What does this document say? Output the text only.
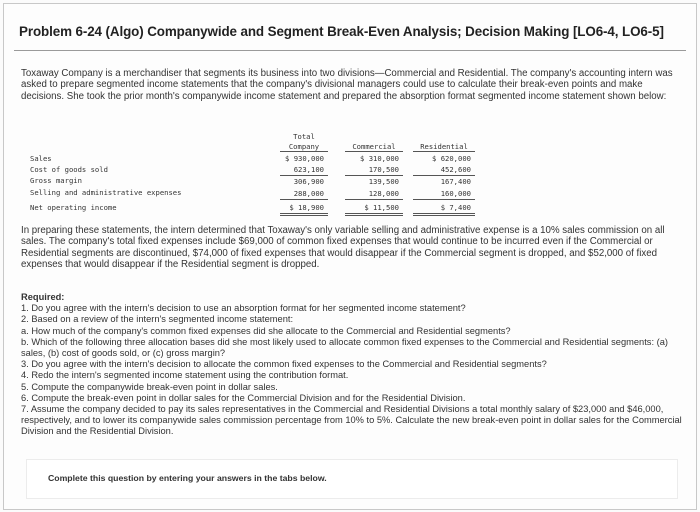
Problem 6-24 (Algo) Companywide and Segment Break-Even Analysis; Decision Making [LO6-4, LO6-5]
Toxaway Company is a merchandiser that segments its business into two divisions—Commercial and Residential. The company's accounting intern was asked to prepare segmented income statements that the company's divisional managers could use to calculate their break-even points and make decisions. She took the prior month's companywide income statement and prepared the absorption format segmented income statement shown below:
Total
Company	Commercial	Residential
Sales	$ 930,000	$ 310,000	$ 620,000
Cost of goods sold	623,100	170,500	452,600
Gross margin	306,900	139,500	167,400
Selling and administrative expenses	288,000	128,000	160,000
Net operating income	$ 18,900	$ 11,500	$ 7,400
In preparing these statements, the intern determined that Toxaway's only variable selling and administrative expense is a 10% sales commission on all sales. The company's total fixed expenses include $69,000 of common fixed expenses that would continue to be incurred even if the Commercial or Residential segments are discontinued, $74,000 of fixed expenses that would disappear if the Commercial segment is dropped, and $52,000 of fixed expenses that would disappear if the Residential segment is dropped.
Required:
1. Do you agree with the intern's decision to use an absorption format for her segmented income statement?
2. Based on a review of the intern's segmented income statement:
a. How much of the company's common fixed expenses did she allocate to the Commercial and Residential segments?
b. Which of the following three allocation bases did she most likely used to allocate common fixed expenses to the Commercial and Residential segments: (a) sales, (b) cost of goods sold, or (c) gross margin?
3. Do you agree with the intern's decision to allocate the common fixed expenses to the Commercial and Residential segments?
4. Redo the intern's segmented income statement using the contribution format.
5. Compute the companywide break-even point in dollar sales.
6. Compute the break-even point in dollar sales for the Commercial Division and for the Residential Division.
7. Assume the company decided to pay its sales representatives in the Commercial and Residential Divisions a total monthly salary of $23,000 and $46,000, respectively, and to lower its companywide sales commission percentage from 10% to 5%. Calculate the new break-even point in dollar sales for the Commercial Division and the Residential Division.
Complete this question by entering your answers in the tabs below.
